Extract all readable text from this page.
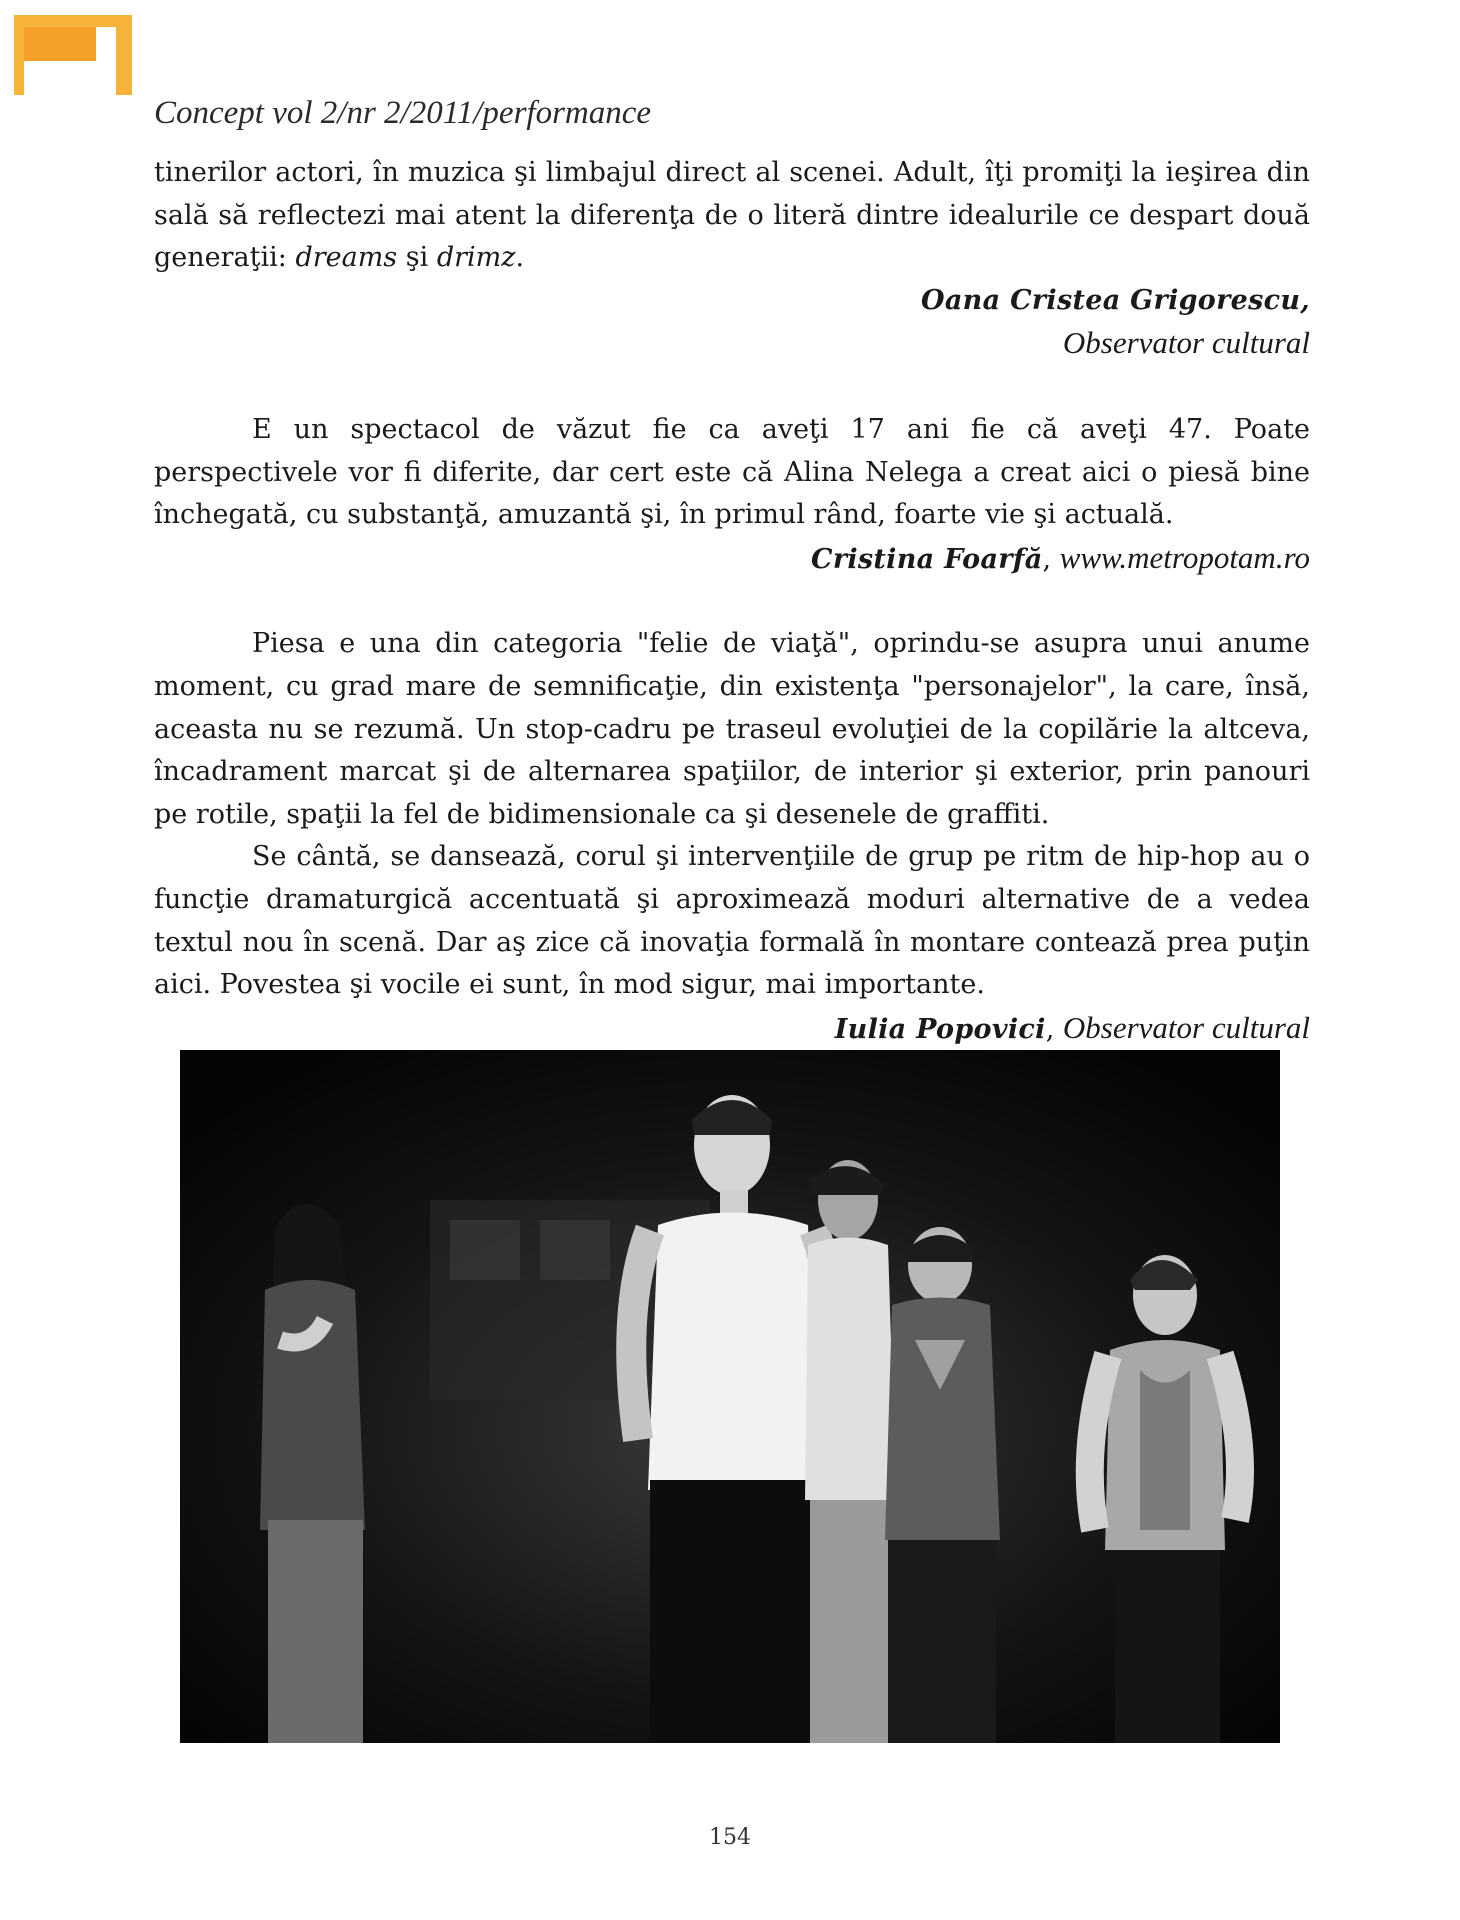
Concept vol 2/nr 2/2011/performance

tinerilor actori, în muzica şi limbajul direct al scenei. Adult, îţi promiţi la ieşirea din sală să reflectezi mai atent la diferenţa de o literă dintre idealurile ce despart două generaţii: dreams şi drimz.

Oana Cristea Grigorescu,
Observator cultural

E un spectacol de văzut fie ca aveţi 17 ani fie că aveţi 47. Poate perspectivele vor fi diferite, dar cert este că Alina Nelega a creat aici o piesă bine închegată, cu substanţă, amuzantă şi, în primul rând, foarte vie şi actuală.

Cristina Foarfă, www.metropotam.ro

Piesa e una din categoria "felie de viaţă", oprindu-se asupra unui anume moment, cu grad mare de semnificaţie, din existenţa "personajelor", la care, însă, aceasta nu se rezumă. Un stop-cadru pe traseul evoluţiei de la copilărie la altceva, încadrament marcat şi de alternarea spaţiilor, de interior şi exterior, prin panouri pe rotile, spaţii la fel de bidimensionale ca şi desenele de graffiti.

Se cântă, se dansează, corul şi intervenţiile de grup pe ritm de hip-hop au o funcţie dramaturgică accentuată şi aproximează moduri alternative de a vedea textul nou în scenă. Dar aş zice că inovaţia formală în montare contează prea puţin aici. Povestea şi vocile ei sunt, în mod sigur, mai importante.

Iulia Popovici, Observator cultural
154
